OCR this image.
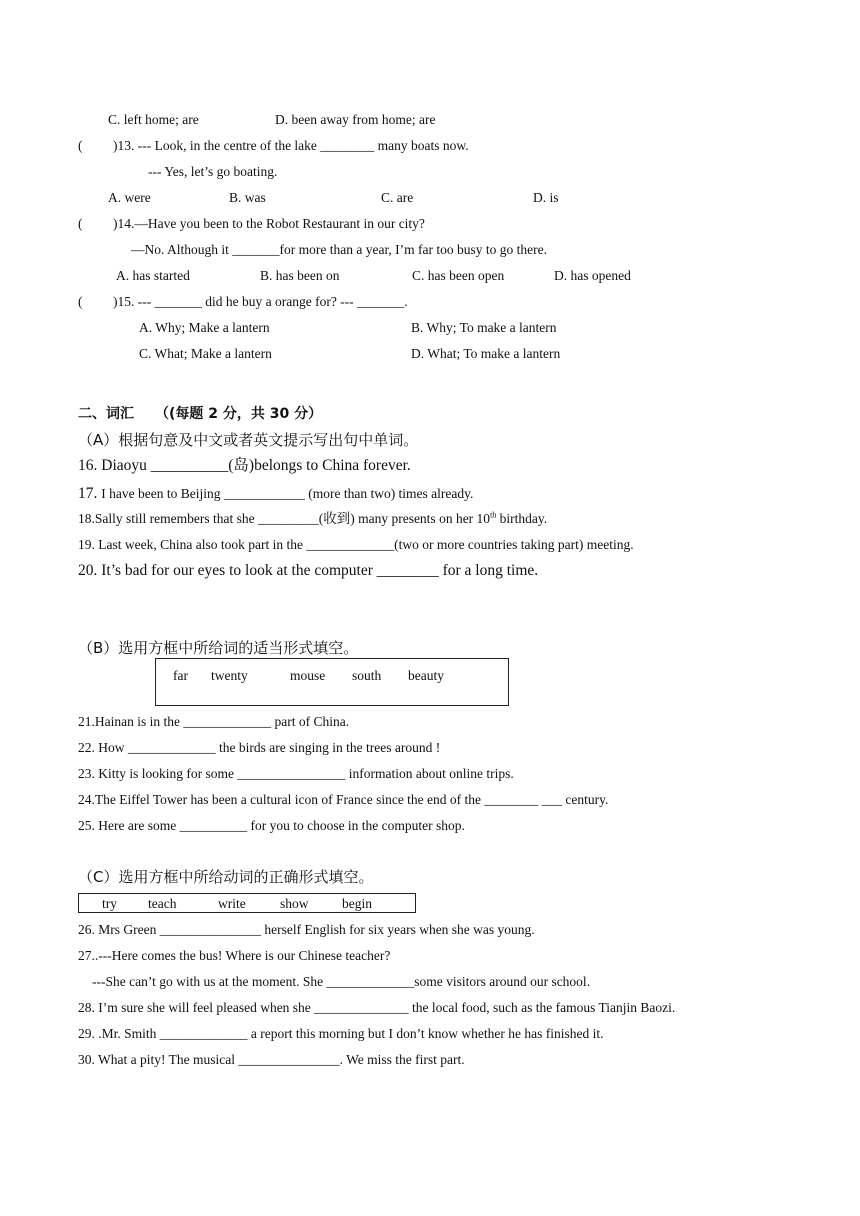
C. left home; are	D. been away from home; are
( )13. --- Look, in the centre of the lake ________ many boats now.
--- Yes, let’s go boating.
A. were	B. was	C. are	D. is
( )14.—Have you been to the Robot Restaurant in our city?
—No. Although it _______for more than a year, I’m far too busy to go there.
A. has started	B. has been on	C. has been open	D. has opened
( )15. --- _______ did he buy a orange for? --- _______.
A. Why; Make a lantern	B. Why; To make a lantern
C. What; Make a lantern	D. What; To make a lantern
二、词汇 （(每题 2 分，共 30 分）
（A）根据句意及中文或者英文提示写出句中单词。
16. Diaoyu __________(岛)belongs to China forever.
17. I have been to Beijing ____________ (more than two) times already.
18.Sally still remembers that she _________(收到) many presents on her 10th birthday.
19. Last week, China also took part in the _____________(two or more countries taking part) meeting.
20. It’s bad for our eyes to look at the computer ________ for a long time.
（B）选用方框中所给词的适当形式填空。
far twenty	mouse south beauty
21.Hainan is in the _____________ part of China.
22. How _____________ the birds are singing in the trees around !
23. Kitty is looking for some ________________ information about online trips.
24.The Eiffel Tower has been a cultural icon of France since the end of the ________ ___ century.
25. Here are some __________ for you to choose in the computer shop.
（C）选用方框中所给动词的正确形式填空。
try teach	write	show begin
26. Mrs Green _______________ herself English for six years when she was young.
27..---Here comes the bus! Where is our Chinese teacher?
---She can’t go with us at the moment. She _____________some visitors around our school.
28. I’m sure she will feel pleased when she ______________ the local food, such as the famous Tianjin Baozi.
29. .Mr. Smith _____________ a report this morning but I don’t know whether he has finished it.
30. What a pity! The musical _______________. We miss the first part.
